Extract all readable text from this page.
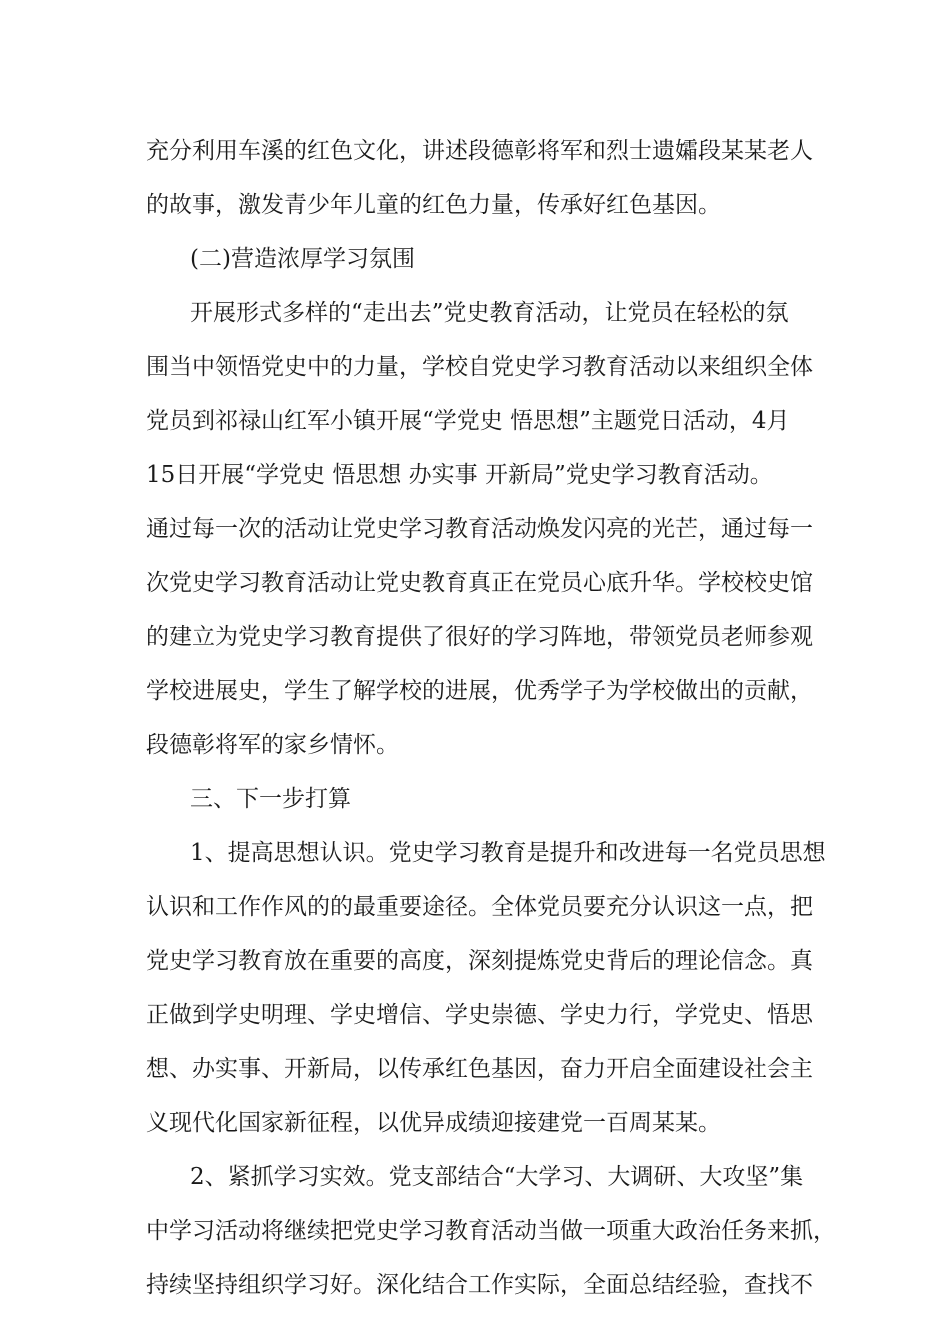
充分利用车溪的红色文化，讲述段德彰将军和烈士遗孀段某某老人
的故事，激发青少年儿童的红色力量，传承好红色基因。
(二)营造浓厚学习氛围
开展形式多样的“走出去”党史教育活动，让党员在轻松的氛
围当中领悟党史中的力量，学校自党史学习教育活动以来组织全体
党员到祁禄山红军小镇开展“学党史 悟思想”主题党日活动，4月
15日开展“学党史 悟思想 办实事 开新局”党史学习教育活动。
通过每一次的活动让党史学习教育活动焕发闪亮的光芒，通过每一
次党史学习教育活动让党史教育真正在党员心底升华。学校校史馆
的建立为党史学习教育提供了很好的学习阵地，带领党员老师参观
学校进展史，学生了解学校的进展，优秀学子为学校做出的贡献，
段德彰将军的家乡情怀。
三、下一步打算
1、提高思想认识。党史学习教育是提升和改进每一名党员思想
认识和工作作风的的最重要途径。全体党员要充分认识这一点，把
党史学习教育放在重要的高度，深刻提炼党史背后的理论信念。真
正做到学史明理、学史增信、学史崇德、学史力行，学党史、悟思
想、办实事、开新局，以传承红色基因，奋力开启全面建设社会主
义现代化国家新征程，以优异成绩迎接建党一百周某某。
2、紧抓学习实效。党支部结合“大学习、大调研、大攻坚”集
中学习活动将继续把党史学习教育活动当做一项重大政治任务来抓，
持续坚持组织学习好。深化结合工作实际，全面总结经验，查找不
